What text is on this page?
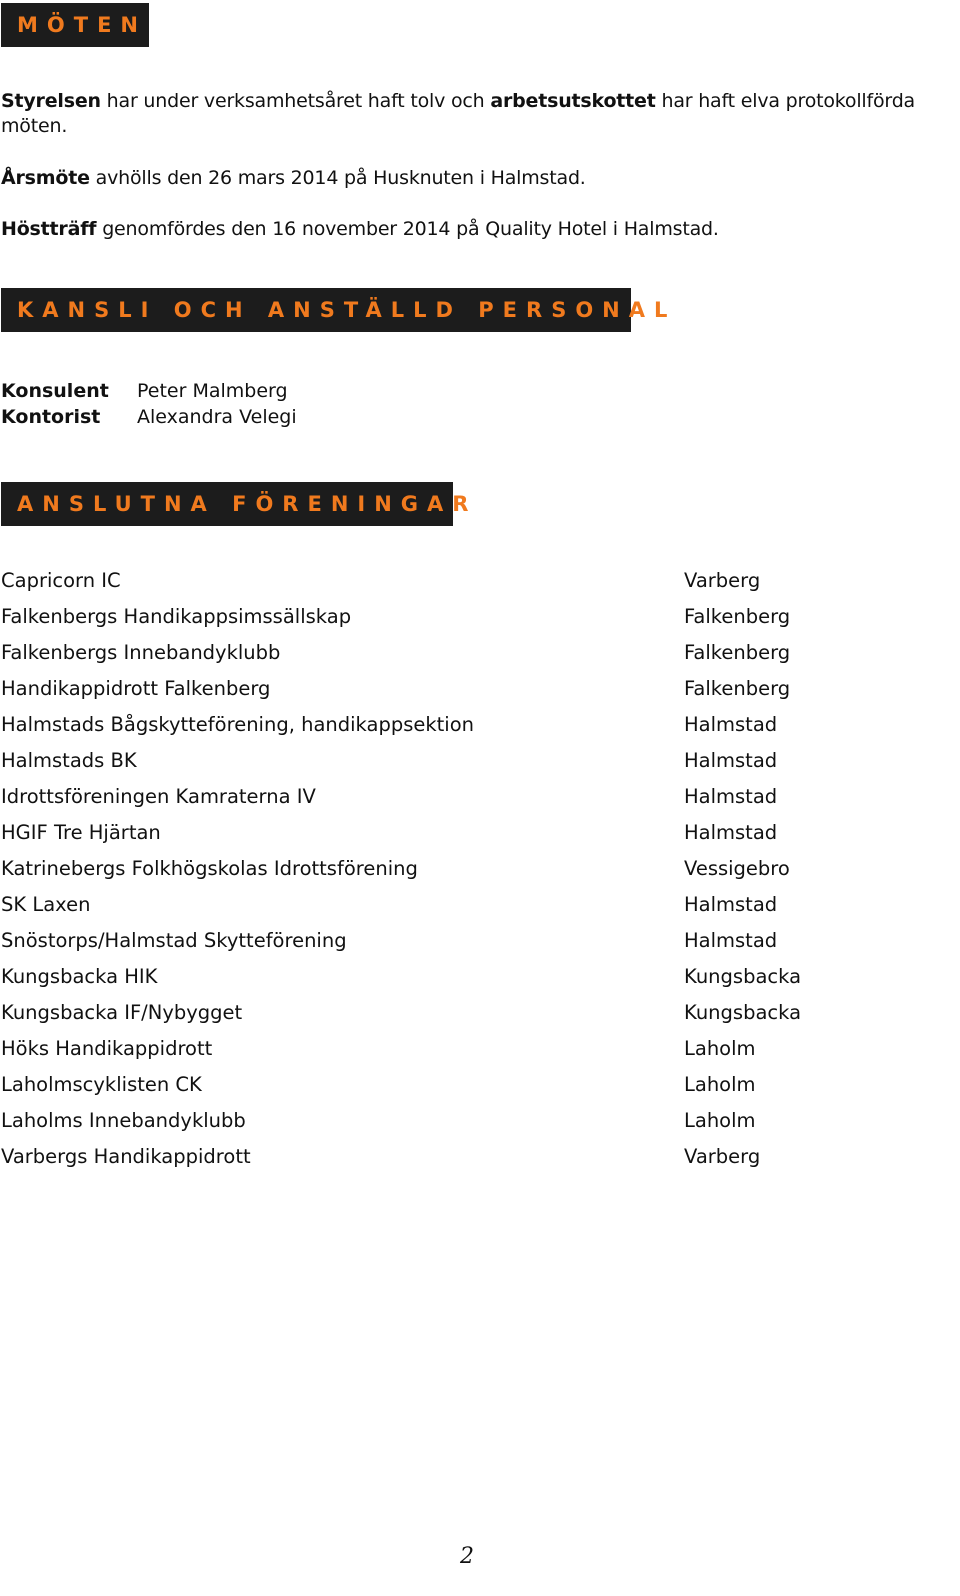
MÖTEN
Styrelsen har under verksamhetsåret haft tolv och arbetsutskottet har haft elva protokollförda möten.
Årsmöte avhölls den 26 mars 2014 på Husknuten i Halmstad.
Höstträff genomfördes den 16 november 2014 på Quality Hotel i Halmstad.
KANSLI OCH ANSTÄLLD PERSONAL
Konsulent Peter Malmberg
Kontorist Alexandra Velegi
ANSLUTNA FÖRENINGAR
Capricorn IC	Varberg
Falkenbergs Handikappsimssällskap	Falkenberg
Falkenbergs Innebandyklubb	Falkenberg
Handikappidrott Falkenberg	Falkenberg
Halmstads Bågskytteförening, handikappsektion	Halmstad
Halmstads BK	Halmstad
Idrottsföreningen Kamraterna IV	Halmstad
HGIF Tre Hjärtan	Halmstad
Katrinebergs Folkhögskolas Idrottsförening	Vessigebro
SK Laxen	Halmstad
Snöstorps/Halmstad Skytteförening	Halmstad
Kungsbacka HIK	Kungsbacka
Kungsbacka IF/Nybygget	Kungsbacka
Höks Handikappidrott	Laholm
Laholmscyklisten CK	Laholm
Laholms Innebandyklubb	Laholm
Varbergs Handikappidrott	Varberg
2
